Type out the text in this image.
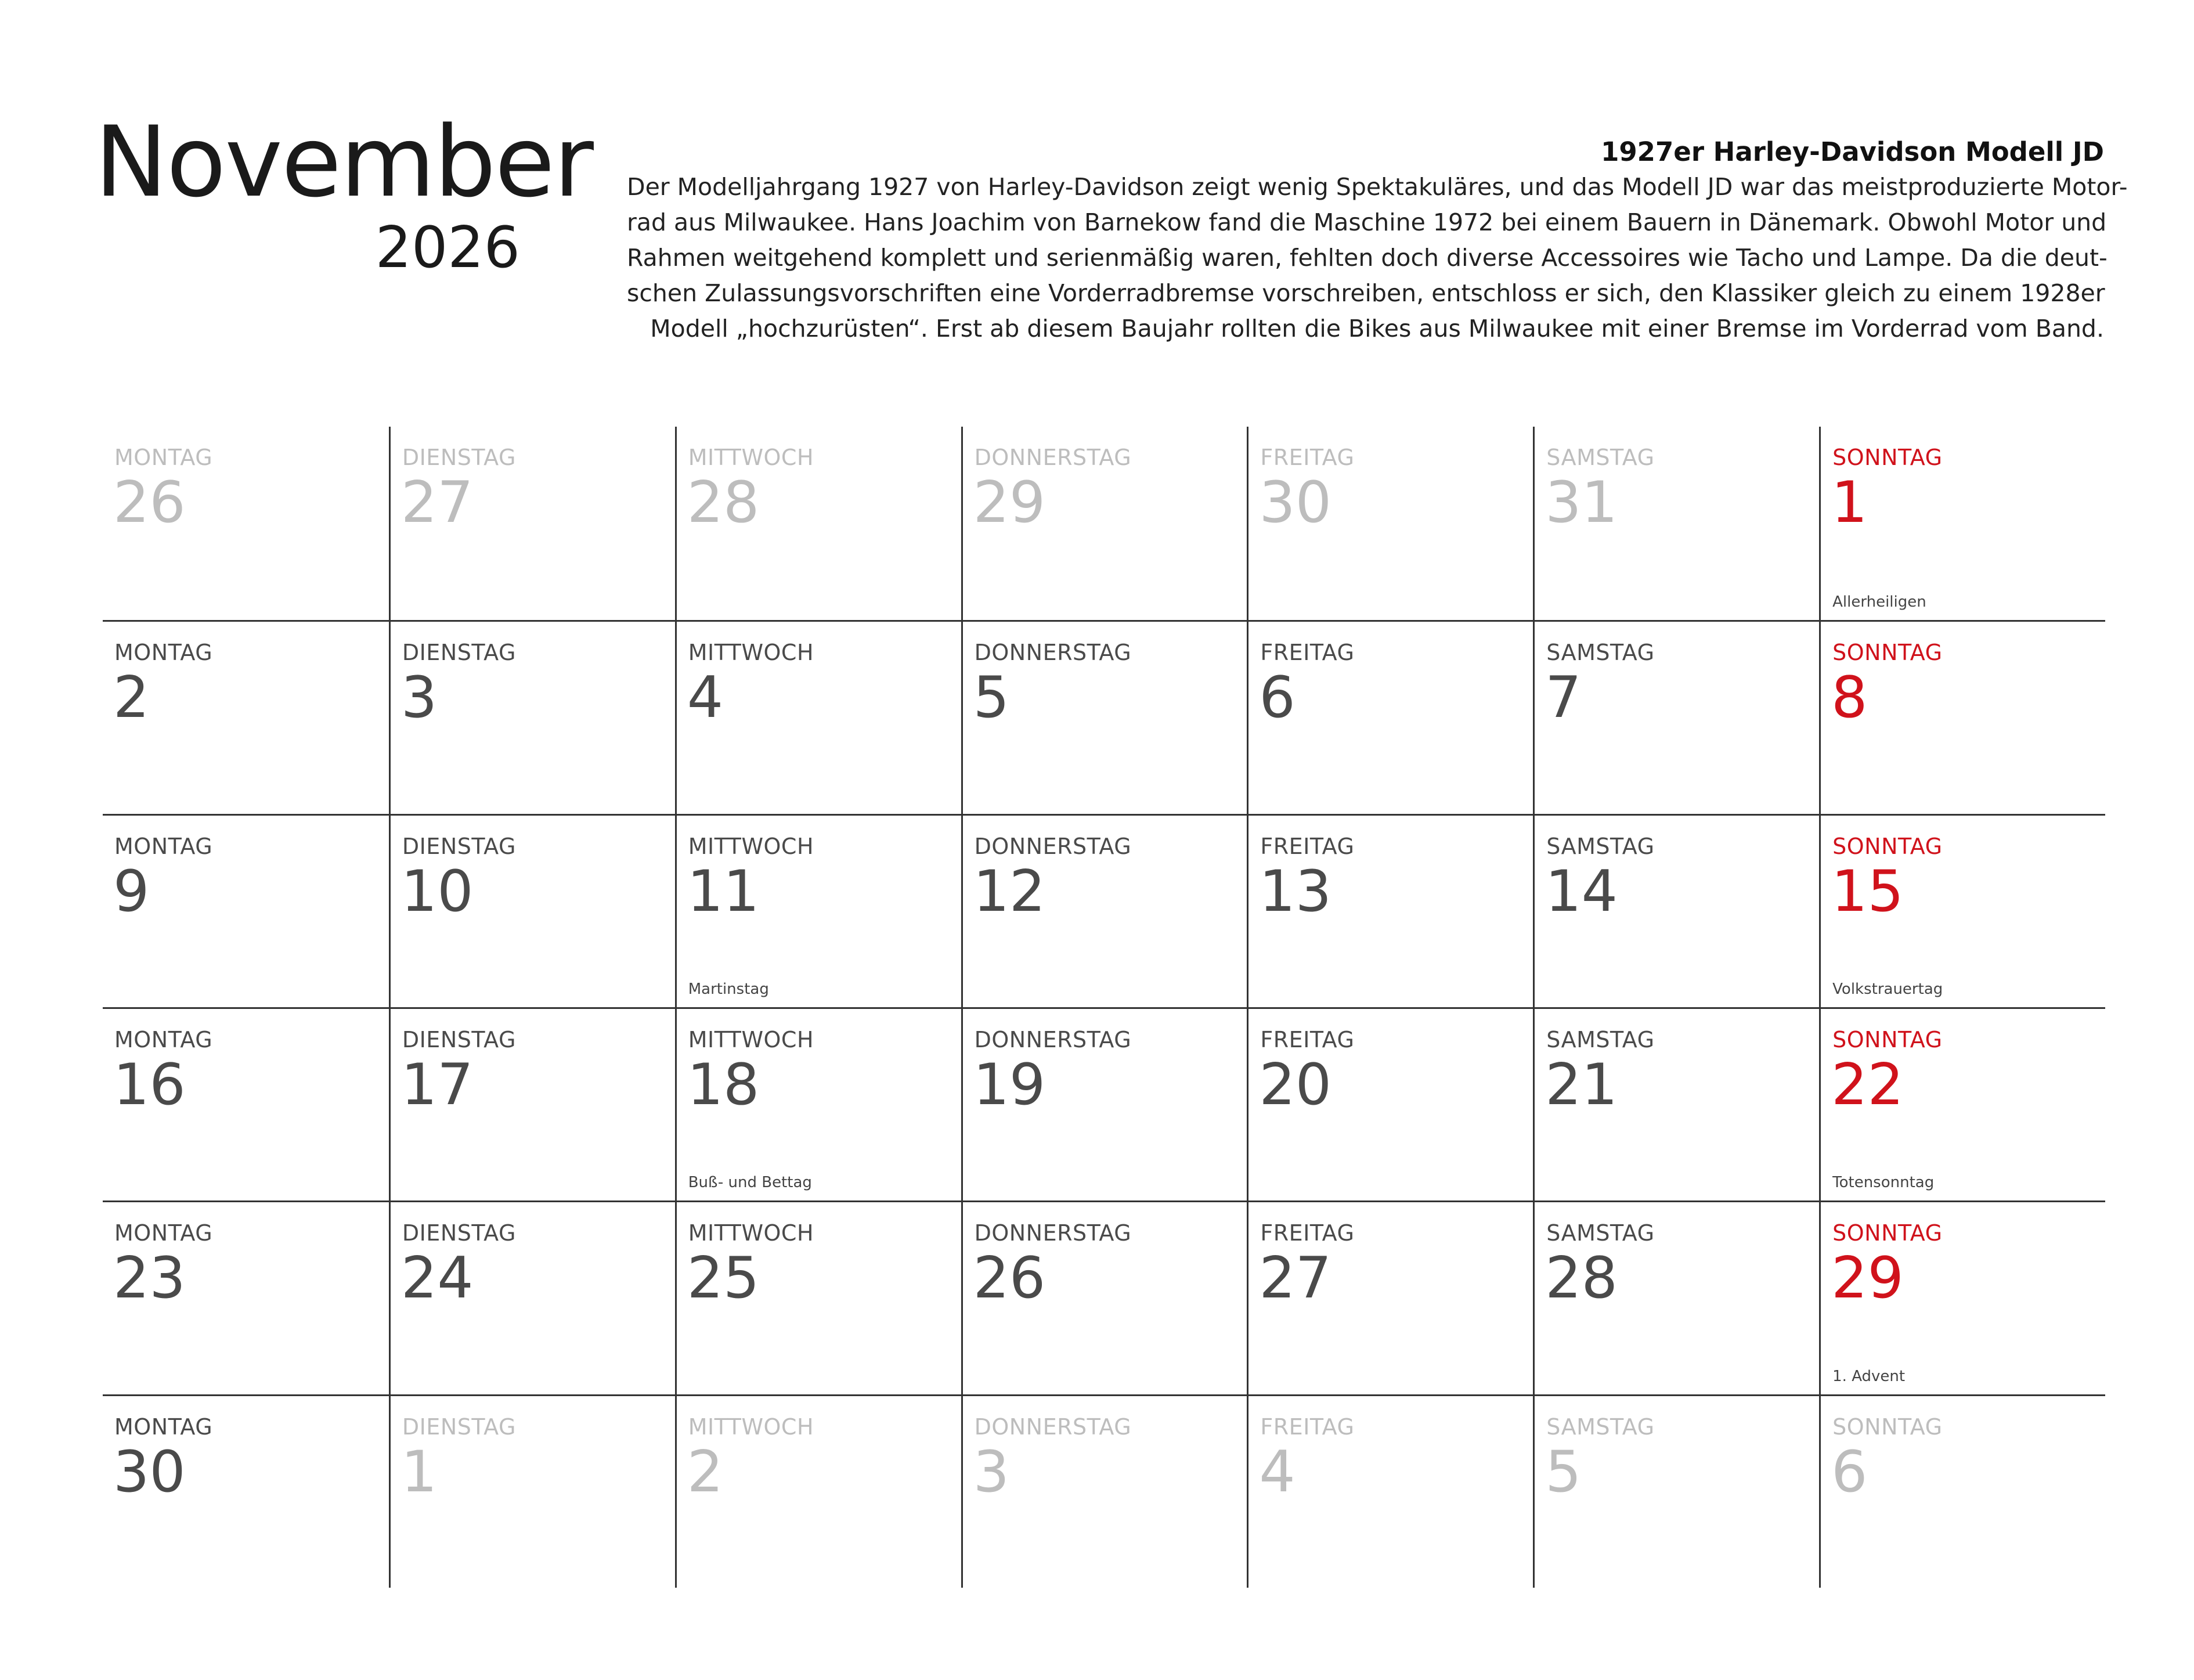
November
2026
1927er Harley-Davidson Modell JD
Der Modelljahrgang 1927 von Harley-Davidson zeigt wenig Spektakuläres, und das Modell JD war das meistproduzierte Motor-
rad aus Milwaukee. Hans Joachim von Barnekow fand die Maschine 1972 bei einem Bauern in Dänemark. Obwohl Motor und
Rahmen weitgehend komplett und serienmäßig waren, fehlten doch diverse Accessoires wie Tacho und Lampe. Da die deut-
schen Zulassungsvorschriften eine Vorderradbremse vorschreiben, entschloss er sich, den Klassiker gleich zu einem 1928er
Modell „hochzurüsten“. Erst ab diesem Baujahr rollten die Bikes aus Milwaukee mit einer Bremse im Vorderrad vom Band.
MONTAG
26
DIENSTAG
27
MITTWOCH
28
DONNERSTAG
29
FREITAG
30
SAMSTAG
31
SONNTAG
1
Allerheiligen
MONTAG
2
DIENSTAG
3
MITTWOCH
4
DONNERSTAG
5
FREITAG
6
SAMSTAG
7
SONNTAG
8
MONTAG
9
DIENSTAG
10
MITTWOCH
11
Martinstag
DONNERSTAG
12
FREITAG
13
SAMSTAG
14
SONNTAG
15
Volkstrauertag
MONTAG
16
DIENSTAG
17
MITTWOCH
18
Buß- und Bettag
DONNERSTAG
19
FREITAG
20
SAMSTAG
21
SONNTAG
22
Totensonntag
MONTAG
23
DIENSTAG
24
MITTWOCH
25
DONNERSTAG
26
FREITAG
27
SAMSTAG
28
SONNTAG
29
1. Advent
MONTAG
30
DIENSTAG
1
MITTWOCH
2
DONNERSTAG
3
FREITAG
4
SAMSTAG
5
SONNTAG
6
